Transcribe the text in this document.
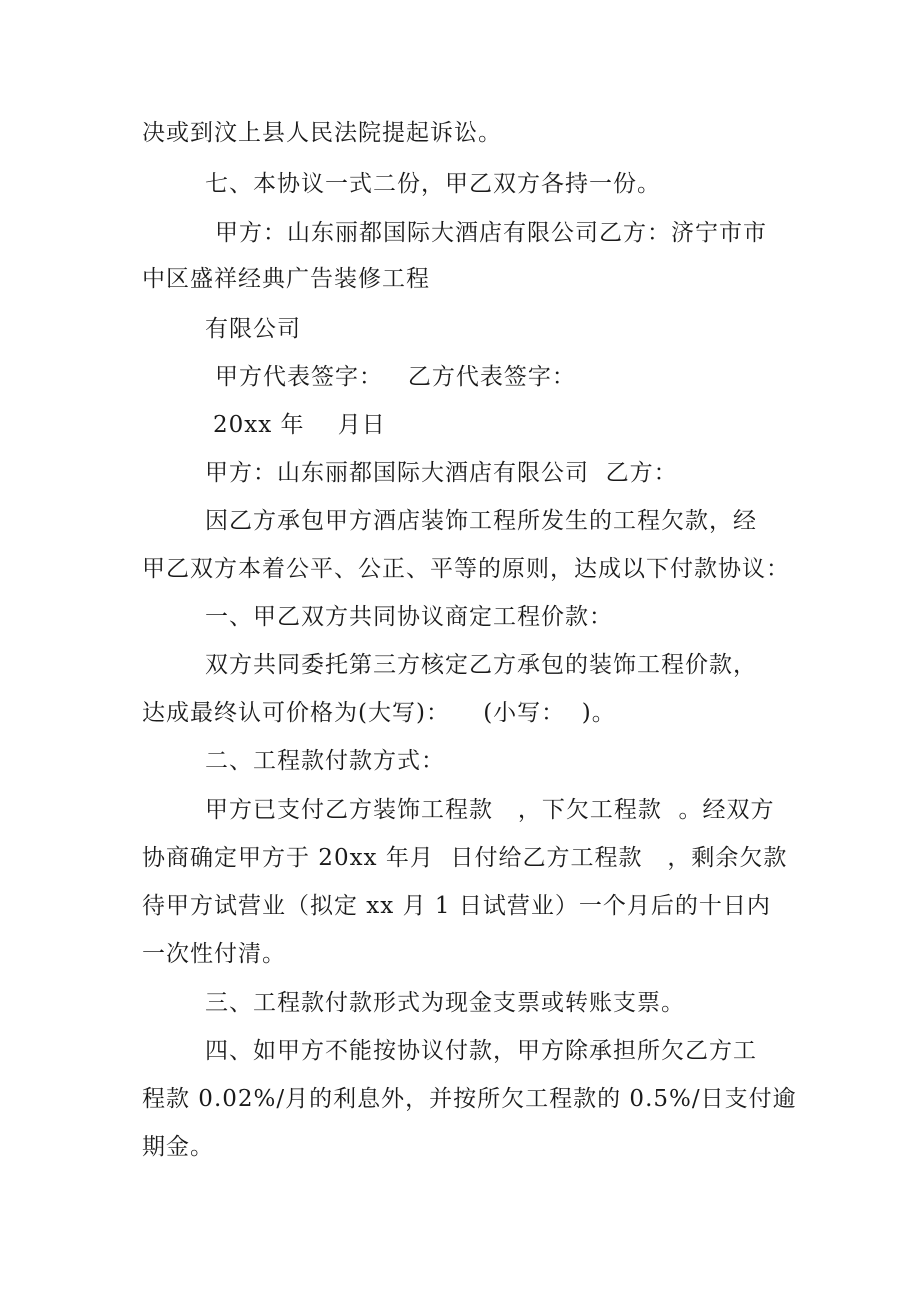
决或到汶上县人民法院提起诉讼。
七、本协议一式二份，甲乙双方各持一份。
甲方：山东丽都国际大酒店有限公司乙方：济宁市市
中区盛祥经典广告装修工程
有限公司
甲方代表签字：   乙方代表签字：
20xx 年    月日
甲方：山东丽都国际大酒店有限公司  乙方：
因乙方承包甲方酒店装饰工程所发生的工程欠款，经
甲乙双方本着公平、公正、平等的原则，达成以下付款协议：
一、甲乙双方共同协议商定工程价款：
双方共同委托第三方核定乙方承包的装饰工程价款，
达成最终认可价格为(大写)：    (小写：  )。
二、工程款付款方式：
甲方已支付乙方装饰工程款   ，下欠工程款  。经双方
协商确定甲方于 20xx 年月  日付给乙方工程款   ，剩余欠款
待甲方试营业（拟定 xx 月 1 日试营业）一个月后的十日内
一次性付清。
三、工程款付款形式为现金支票或转账支票。
四、如甲方不能按协议付款，甲方除承担所欠乙方工
程款 0.02%/月的利息外，并按所欠工程款的 0.5%/日支付逾
期金。
